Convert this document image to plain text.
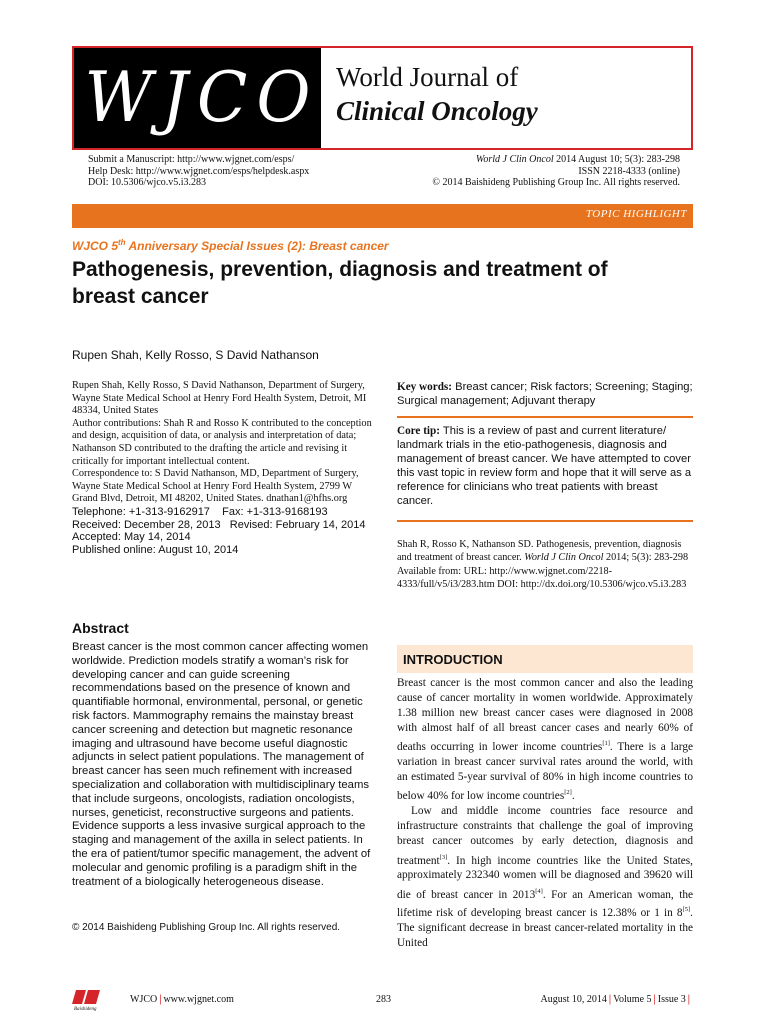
W J C O World Journal of
Clinical Oncology
Submit a Manuscript: http://www.wjgnet.com/esps/
Help Desk: http://www.wjgnet.com/esps/helpdesk.aspx
DOI: 10.5306/wjco.v5.i3.283
World J Clin Oncol 2014 August 10; 5(3): 283-298
ISSN 2218-4333 (online)
© 2014 Baishideng Publishing Group Inc. All rights reserved.
TOPIC HIGHLIGHT
WJCO 5th Anniversary Special Issues (2): Breast cancer
Pathogenesis, prevention, diagnosis and treatment of breast cancer
Rupen Shah, Kelly Rosso, S David Nathanson

Rupen Shah, Kelly Rosso, S David Nathanson, Department of Surgery, Wayne State Medical School at Henry Ford Health System, Detroit, MI 48334, United States

Author contributions: Shah R and Rosso K contributed to the conception and design, acquisition of data, or analysis and interpretation of data; Nathanson SD contributed to the drafting the article and revising it critically for important intellectual content.

Correspondence to: S David Nathanson, MD, Department of Surgery, Wayne State Medical School at Henry Ford Health System, 2799 W Grand Blvd, Detroit, MI 48202, United States. dnathan1@hfhs.org

Telephone: +1-313-9162917    Fax: +1-313-9168193

Received: December 28, 2013   Revised: February 14, 2014

Accepted: May 14, 2014

Published online: August 10, 2014

Key words: Breast cancer; Risk factors; Screening; Staging; Surgical management; Adjuvant therapy
Core tip: This is a review of past and current literature/ landmark trials in the etio-pathogenesis, diagnosis and management of breast cancer. We have attempted to cover this vast topic in review form and hope that it will serve as a reference for clinicians who treat patients with breast cancer.
Shah R, Rosso K, Nathanson SD. Pathogenesis, prevention, diagnosis and treatment of breast cancer. World J Clin Oncol 2014; 5(3): 283-298 Available from: URL: http://www.wjgnet.com/2218-4333/full/v5/i3/283.htm DOI: http://dx.doi.org/10.5306/wjco.v5.i3.283
Abstract
Breast cancer is the most common cancer affecting women worldwide. Prediction models stratify a woman’s risk for developing cancer and can guide screening recommendations based on the presence of known and quantifiable hormonal, environmental, personal, or genetic risk factors. Mammography remains the mainstay breast cancer screening and detection but magnetic resonance imaging and ultrasound have become useful diagnostic adjuncts in select patient populations. The management of breast cancer has seen much refinement with increased specialization and collaboration with multidisciplinary teams that include surgeons, oncologists, radiation oncologists, nurses, geneticist, reconstructive surgeons and patients. Evidence supports a less invasive surgical approach to the staging and management of the axilla in select patients. In the era of patient/tumor specific management, the advent of molecular and genomic profiling is a paradigm shift in the treatment of a biologically heterogeneous disease.
© 2014 Baishideng Publishing Group Inc. All rights reserved.
INTRODUCTION

Breast cancer is the most common cancer and also the leading cause of cancer mortality in women worldwide. Approximately 1.38 million new breast cancer cases were diagnosed in 2008 with almost half of all breast cancer cases and nearly 60% of deaths occurring in lower income countries[1]. There is a large variation in breast cancer survival rates around the world, with an estimated 5-year survival of 80% in high income countries to below 40% for low income countries[2].

Low and middle income countries face resource and infrastructure constraints that challenge the goal of improving breast cancer outcomes by early detection, diagnosis and treatment[3]. In high income countries like the United States, approximately 232340 women will be diagnosed and 39620 will die of breast cancer in 2013[4]. For an American woman, the lifetime risk of developing breast cancer is 12.38% or 1 in 8[5]. The significant decrease in breast cancer-related mortality in the United

Baishideng
WJCO | www.wjgnet.com	283	August 10, 2014 | Volume 5 | Issue 3 |
